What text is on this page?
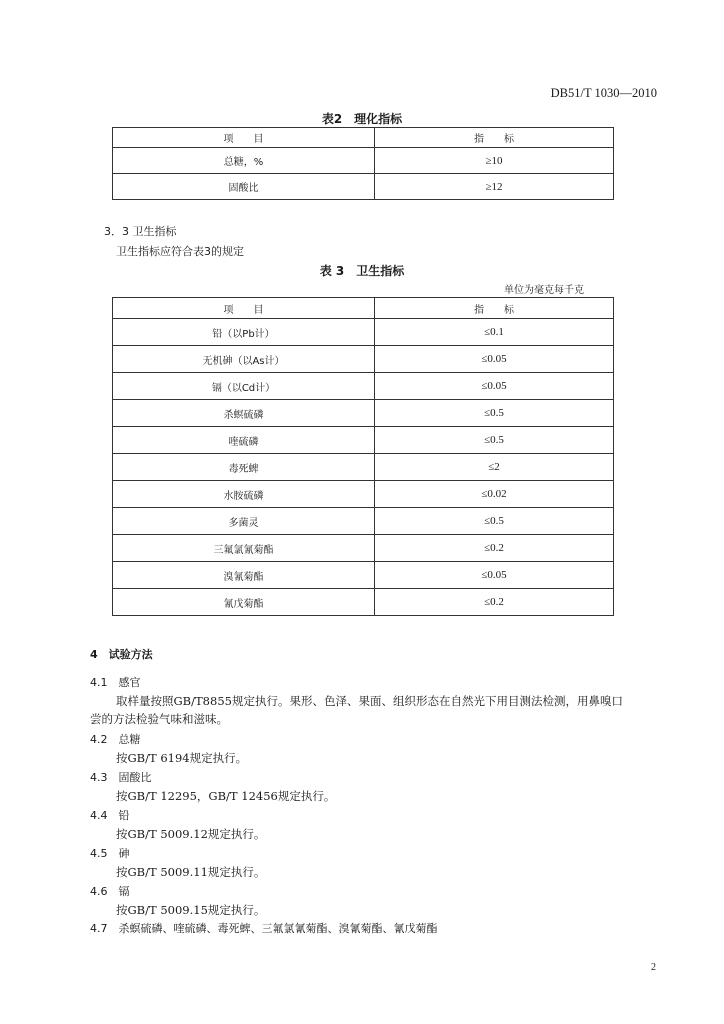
DB51/T 1030—2010
表2　理化指标
项　　目	指　　标
总糖，%	≥10
固酸比	≥12
3．3 卫生指标
卫生指标应符合表3的规定
表 3　卫生指标
单位为毫克每千克
项　　目	指　　标
铅（以Pb计）	≤0.1
无机砷（以As计）	≤0.05
镉（以Cd计）	≤0.05
杀螟硫磷	≤0.5
喹硫磷	≤0.5
毒死蜱	≤2
水胺硫磷	≤0.02
多菌灵	≤0.5
三氟氯氰菊酯	≤0.2
溴氰菊酯	≤0.05
氰戊菊酯	≤0.2
4　试验方法
4.1　感官
取样量按照GB/T8855规定执行。果形、色泽、果面、组织形态在自然光下用目测法检测，用鼻嗅口
尝的方法检验气味和滋味。
4.2　总糖
按GB/T 6194规定执行。
4.3　固酸比
按GB/T 12295，GB/T 12456规定执行。
4.4　铅
按GB/T 5009.12规定执行。
4.5　砷
按GB/T 5009.11规定执行。
4.6　镉
按GB/T 5009.15规定执行。
4.7　杀螟硫磷、喹硫磷、毒死蜱、三氟氯氰菊酯、溴氰菊酯、氰戊菊酯
2
